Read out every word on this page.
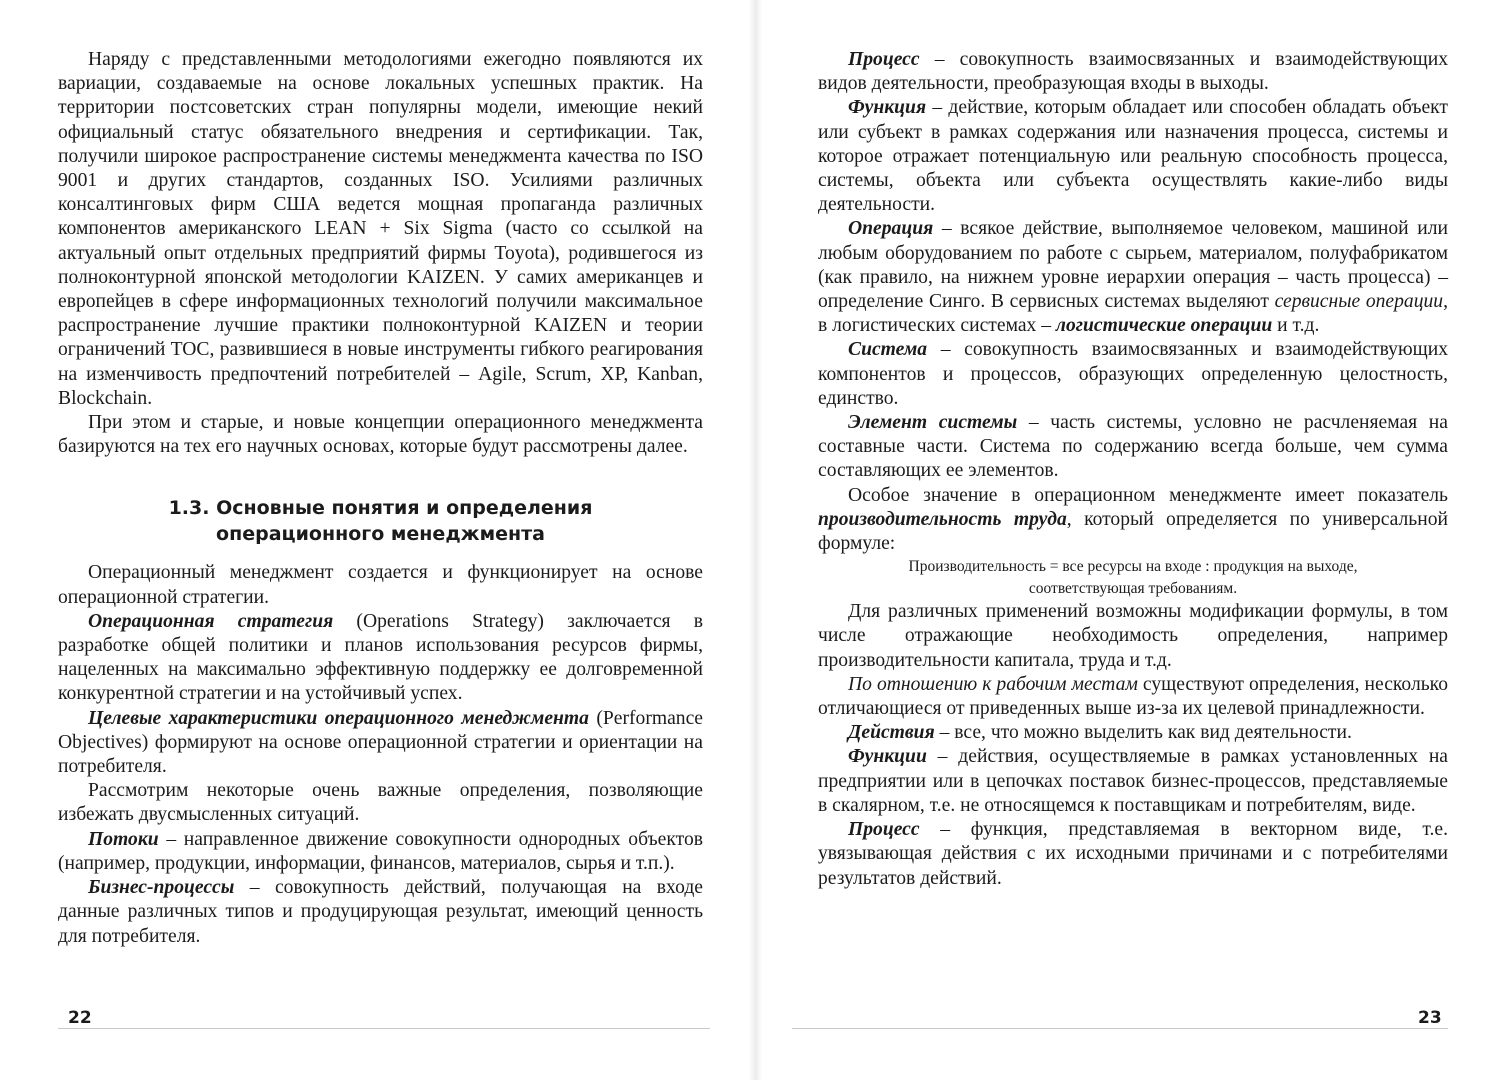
Наряду с представленными методологиями ежегодно появляются их вариации, создаваемые на основе локальных успешных практик. На территории постсоветских стран популярны модели, имеющие некий официальный статус обязательного внедрения и сертификации. Так, получили широкое распространение системы менеджмента качества по ISO 9001 и других стандартов, созданных ISO. Усилиями различных консалтинговых фирм США ведется мощная пропаганда различных компонентов американского LEAN + Six Sigma (часто со ссылкой на актуальный опыт отдельных предприятий фирмы Toyota), родившегося из полноконтурной японской методологии KAIZEN. У самих американцев и европейцев в сфере информационных технологий получили максимальное распространение лучшие практики полноконтурной KAIZEN и теории ограничений TOC, развившиеся в новые инструменты гибкого реагирования на изменчивость предпочтений потребителей – Agile, Scrum, XP, Kanban, Blockchain.

При этом и старые, и новые концепции операционного менеджмента базируются на тех его научных основах, которые будут рассмотрены далее.

1.3. Основные понятия и определения
операционного менеджмента

Операционный менеджмент создается и функционирует на основе операционной стратегии.

Операционная стратегия (Operations Strategy) заключается в разработке общей политики и планов использования ресурсов фирмы, нацеленных на максимально эффективную поддержку ее долговременной конкурентной стратегии и на устойчивый успех.

Целевые характеристики операционного менеджмента (Performance Objectives) формируют на основе операционной стратегии и ориентации на потребителя.

Рассмотрим некоторые очень важные определения, позволяющие избежать двусмысленных ситуаций.

Потоки – направленное движение совокупности однородных объектов (например, продукции, информации, финансов, материалов, сырья и т.п.).

Бизнес-процессы – совокупность действий, получающая на входе данные различных типов и продуцирующая результат, имеющий ценность для потребителя.

Процесс – совокупность взаимосвязанных и взаимодействующих видов деятельности, преобразующая входы в выходы.

Функция – действие, которым обладает или способен обладать объект или субъект в рамках содержания или назначения процесса, системы и которое отражает потенциальную или реальную способность процесса, системы, объекта или субъекта осуществлять какие-либо виды деятельности.

Операция – всякое действие, выполняемое человеком, машиной или любым оборудованием по работе с сырьем, материалом, полуфабрикатом (как правило, на нижнем уровне иерархии операция – часть процесса) – определение Синго. В сервисных системах выделяют сервисные операции, в логистических системах – логистические операции и т.д.

Система – совокупность взаимосвязанных и взаимодействующих компонентов и процессов, образующих определенную целостность, единство.

Элемент системы – часть системы, условно не расчленяемая на составные части. Система по содержанию всегда больше, чем сумма составляющих ее элементов.

Особое значение в операционном менеджменте имеет показатель производительность труда, который определяется по универсальной формуле:

Производительность = все ресурсы на входе : продукция на выходе,
соответствующая требованиям.

Для различных применений возможны модификации формулы, в том числе отражающие необходимость определения, например производительности капитала, труда и т.д.

По отношению к рабочим местам существуют определения, несколько отличающиеся от приведенных выше из-за их целевой принадлежности.

Действия – все, что можно выделить как вид деятельности.

Функции – действия, осуществляемые в рамках установленных на предприятии или в цепочках поставок бизнес-процессов, представляемые в скалярном, т.е. не относящемся к поставщикам и потребителям, виде.

Процесс – функция, представляемая в векторном виде, т.е. увязывающая действия с их исходными причинами и с потребителями результатов действий.

22	23
